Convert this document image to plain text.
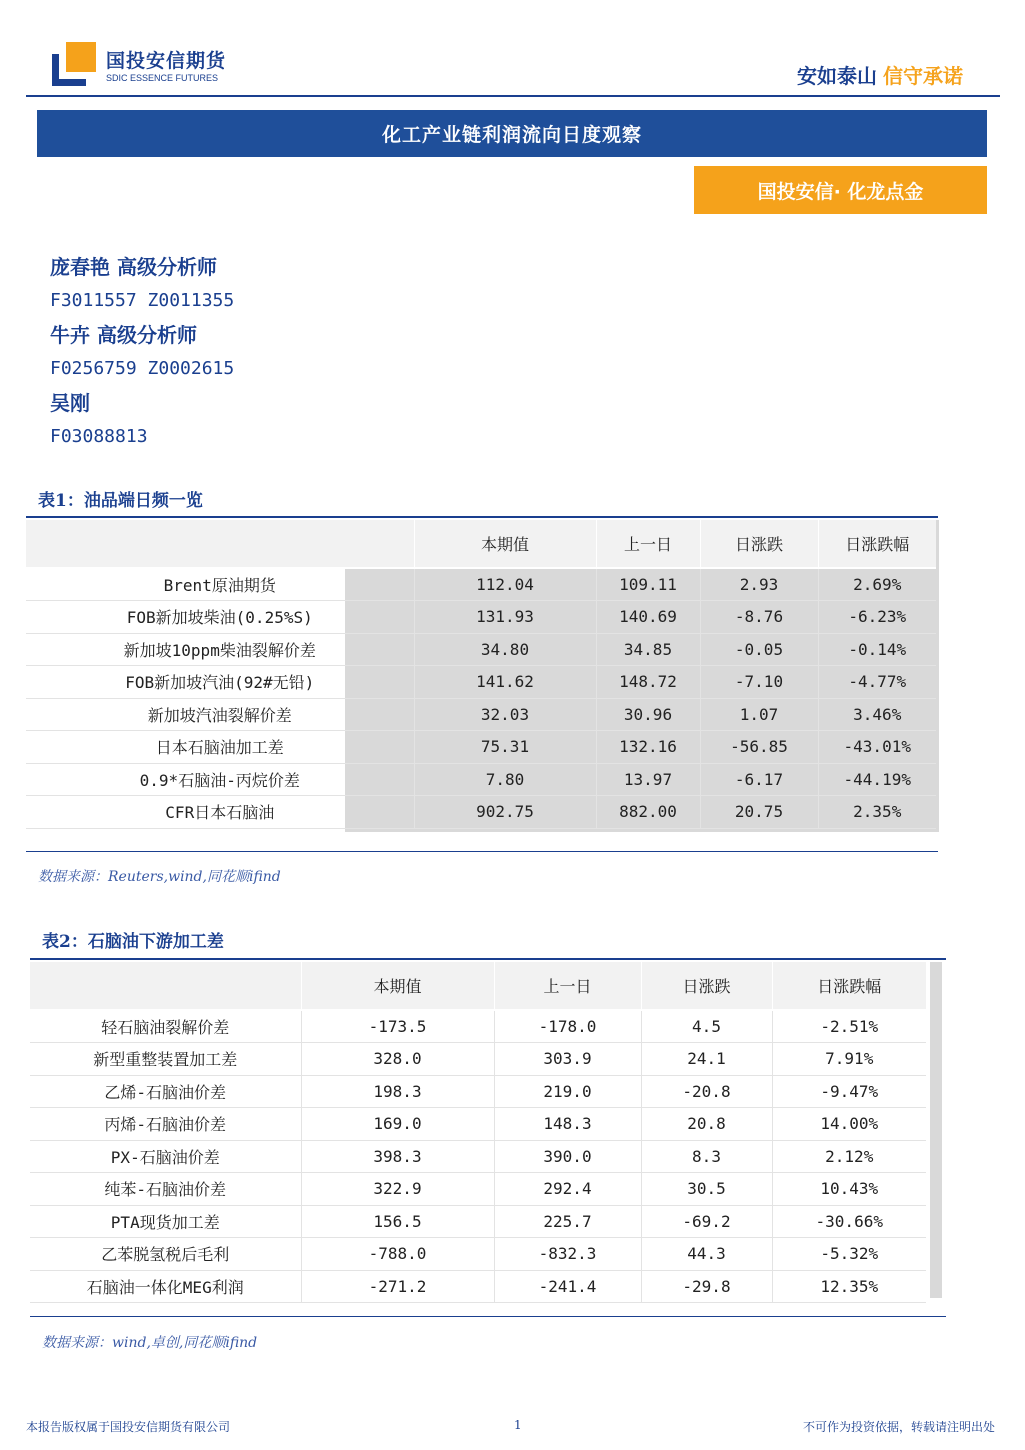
国投安信期货
SDIC ESSENCE FUTURES	安如泰山 信守承诺
化工产业链利润流向日度观察
国投安信· 化龙点金
庞春艳 高级分析师
F3011557 Z0011355
牛卉 高级分析师
F0256759 Z0002615
吴刚
F03088813
表1：油品端日频一览
	本期值	上一日	日涨跌	日涨跌幅
Brent原油期货	112.04	109.11	2.93	2.69%
FOB新加坡柴油(0.25%S)	131.93	140.69	-8.76	-6.23%
新加坡10ppm柴油裂解价差	34.80	34.85	-0.05	-0.14%
FOB新加坡汽油(92#无铅)	141.62	148.72	-7.10	-4.77%
新加坡汽油裂解价差	32.03	30.96	1.07	3.46%
日本石脑油加工差	75.31	132.16	-56.85	-43.01%
0.9*石脑油-丙烷价差	7.80	13.97	-6.17	-44.19%
CFR日本石脑油	902.75	882.00	20.75	2.35%
数据来源：Reuters,wind,同花顺ifind
表2：石脑油下游加工差
	本期值	上一日	日涨跌	日涨跌幅
轻石脑油裂解价差	-173.5	-178.0	4.5	-2.51%
新型重整装置加工差	328.0	303.9	24.1	7.91%
乙烯-石脑油价差	198.3	219.0	-20.8	-9.47%
丙烯-石脑油价差	169.0	148.3	20.8	14.00%
PX-石脑油价差	398.3	390.0	8.3	2.12%
纯苯-石脑油价差	322.9	292.4	30.5	10.43%
PTA现货加工差	156.5	225.7	-69.2	-30.66%
乙苯脱氢税后毛利	-788.0	-832.3	44.3	-5.32%
石脑油一体化MEG利润	-271.2	-241.4	-29.8	12.35%
数据来源：wind,卓创,同花顺ifind
本报告版权属于国投安信期货有限公司	1	不可作为投资依据，转载请注明出处
